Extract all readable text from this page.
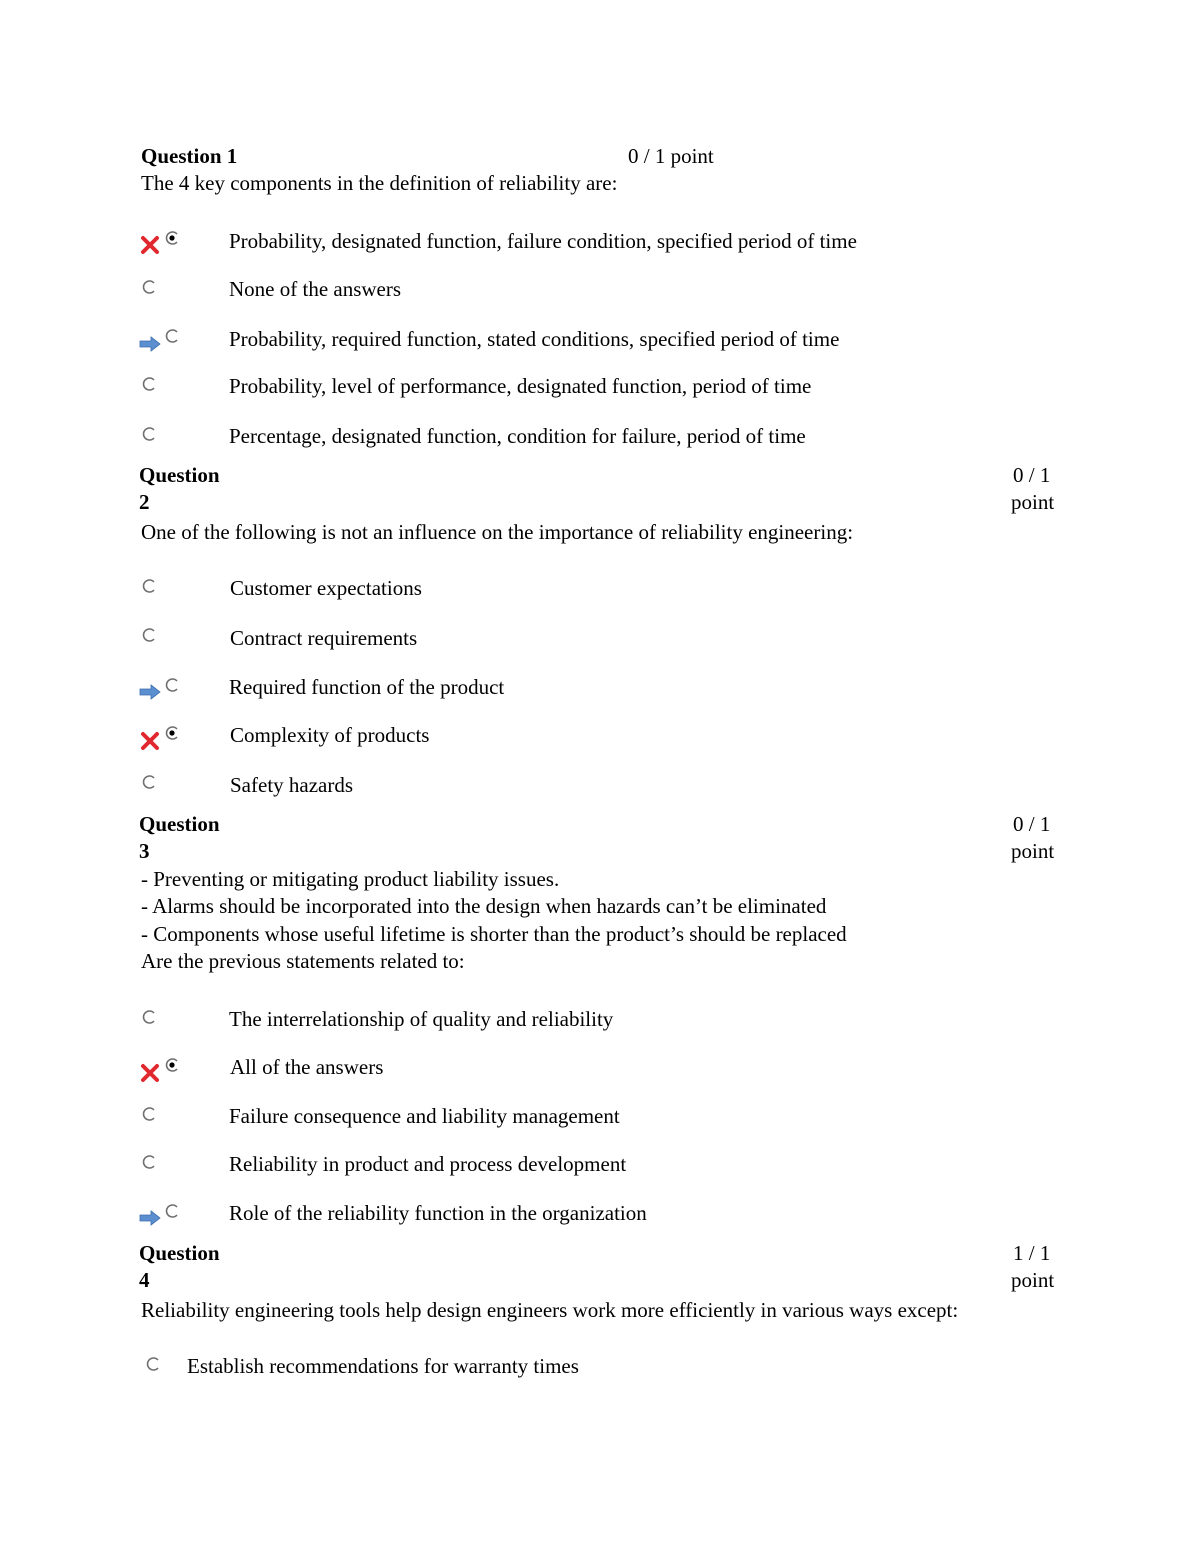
Question 1	0 / 1 point
The 4 key components in the definition of reliability are:
Probability, designated function, failure condition, specified period of time
None of the answers
Probability, required function, stated conditions, specified period of time
Probability, level of performance, designated function, period of time
Percentage, designated function, condition for failure, period of time
Question
2
0 / 1
point
One of the following is not an influence on the importance of reliability engineering:
Customer expectations
Contract requirements
Required function of the product
Complexity of products
Safety hazards
Question
3
0 / 1
point
- Preventing or mitigating product liability issues.
- Alarms should be incorporated into the design when hazards can’t be eliminated
- Components whose useful lifetime is shorter than the product’s should be replaced
Are the previous statements related to:
The interrelationship of quality and reliability
All of the answers
Failure consequence and liability management
Reliability in product and process development
Role of the reliability function in the organization
Question
4
1 / 1
point
Reliability engineering tools help design engineers work more efficiently in various ways except:
Establish recommendations for warranty times
